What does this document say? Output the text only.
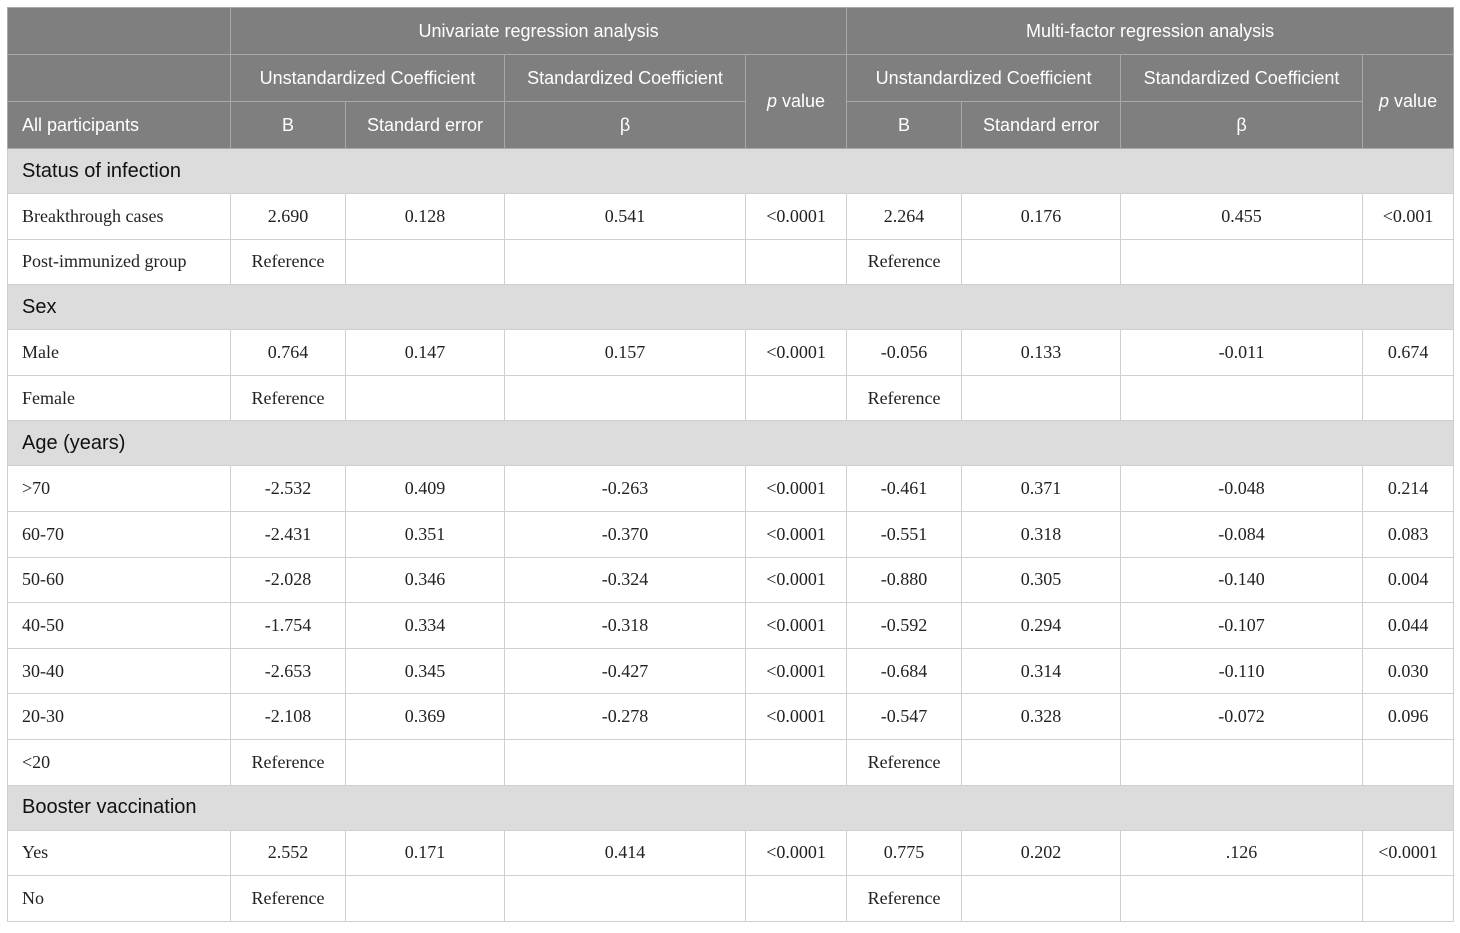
	Univariate regression analysis				Multi-factor regression analysis			
	Unstandardized Coefficient		Standardized Coefficient	p value	Unstandardized Coefficient		Standardized Coefficient	p value
All participants	B	Standard error	β		B	Standard error	β	
Status of infection								
Breakthrough cases	2.690	0.128	0.541	<0.0001	2.264	0.176	0.455	<0.001
Post-immunized group	Reference				Reference			
Sex								
Male	0.764	0.147	0.157	<0.0001	-0.056	0.133	-0.011	0.674
Female	Reference				Reference			
Age (years)								
>70	-2.532	0.409	-0.263	<0.0001	-0.461	0.371	-0.048	0.214
60-70	-2.431	0.351	-0.370	<0.0001	-0.551	0.318	-0.084	0.083
50-60	-2.028	0.346	-0.324	<0.0001	-0.880	0.305	-0.140	0.004
40-50	-1.754	0.334	-0.318	<0.0001	-0.592	0.294	-0.107	0.044
30-40	-2.653	0.345	-0.427	<0.0001	-0.684	0.314	-0.110	0.030
20-30	-2.108	0.369	-0.278	<0.0001	-0.547	0.328	-0.072	0.096
<20	Reference				Reference			
Booster vaccination								
Yes	2.552	0.171	0.414	<0.0001	0.775	0.202	.126	<0.0001
No	Reference				Reference			
